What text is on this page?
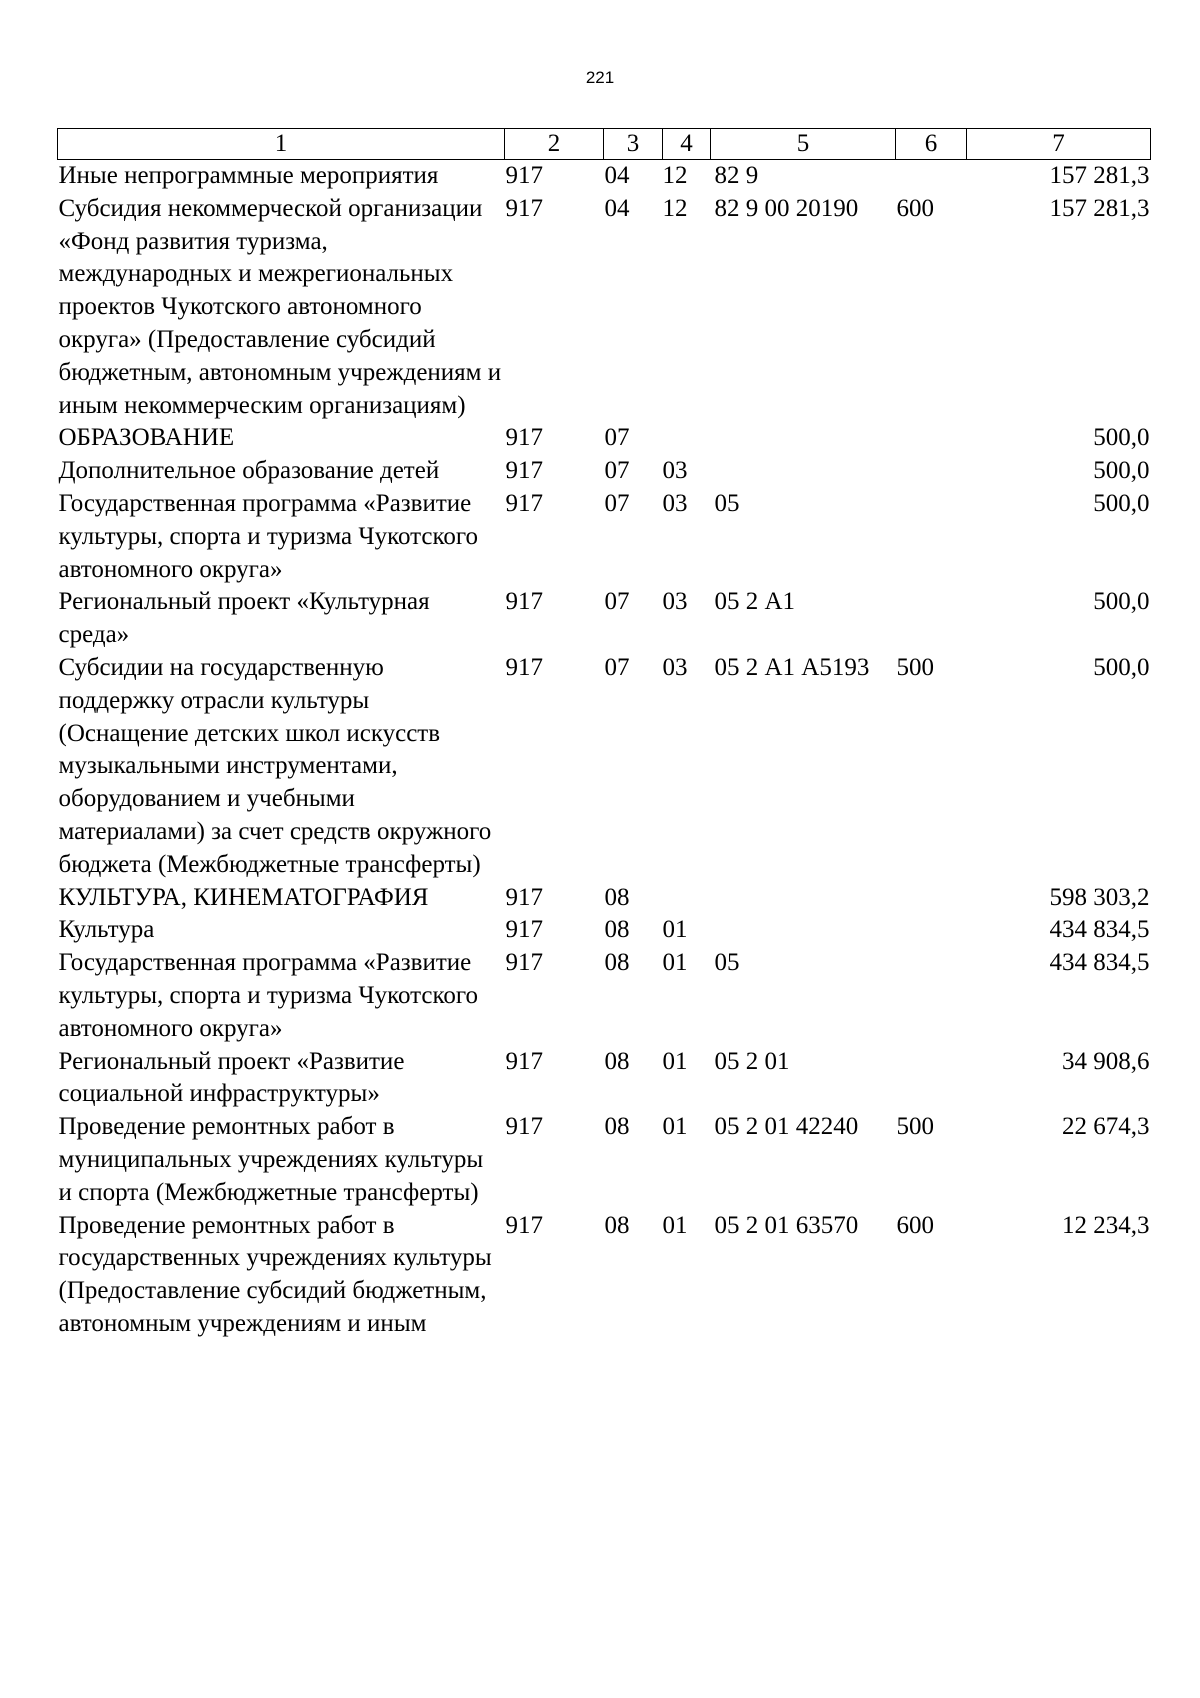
221
1	2	3	4	5	6	7
Иные непрограммные мероприятия	917	04	12	82 9		157 281,3
Субсидия некоммерческой организации «Фонд развития туризма, международных и межрегиональных проектов Чукотского автономного округа» (Предоставление субсидий бюджетным, автономным учреждениям и иным некоммерческим организациям)	917	04	12	82 9 00 20190	600	157 281,3
ОБРАЗОВАНИЕ	917	07				500,0
Дополнительное образование детей	917	07	03			500,0
Государственная программа «Развитие культуры, спорта и туризма Чукотского автономного округа»	917	07	03	05		500,0
Региональный проект «Культурная среда»	917	07	03	05 2 А1		500,0
Субсидии на государственную поддержку отрасли культуры (Оснащение детских школ искусств музыкальными инструментами, оборудованием и учебными материалами) за счет средств окружного бюджета (Межбюджетные трансферты)	917	07	03	05 2 А1 А5193	500	500,0
КУЛЬТУРА, КИНЕМАТОГРАФИЯ	917	08				598 303,2
Культура	917	08	01			434 834,5
Государственная программа «Развитие культуры, спорта и туризма Чукотского автономного округа»	917	08	01	05		434 834,5
Региональный проект «Развитие социальной инфраструктуры»	917	08	01	05 2 01		34 908,6
Проведение ремонтных работ в муниципальных учреждениях культуры и спорта (Межбюджетные трансферты)	917	08	01	05 2 01 42240	500	22 674,3
Проведение ремонтных работ в государственных учреждениях культуры (Предоставление субсидий бюджетным, автономным учреждениям и иным	917	08	01	05 2 01 63570	600	12 234,3
